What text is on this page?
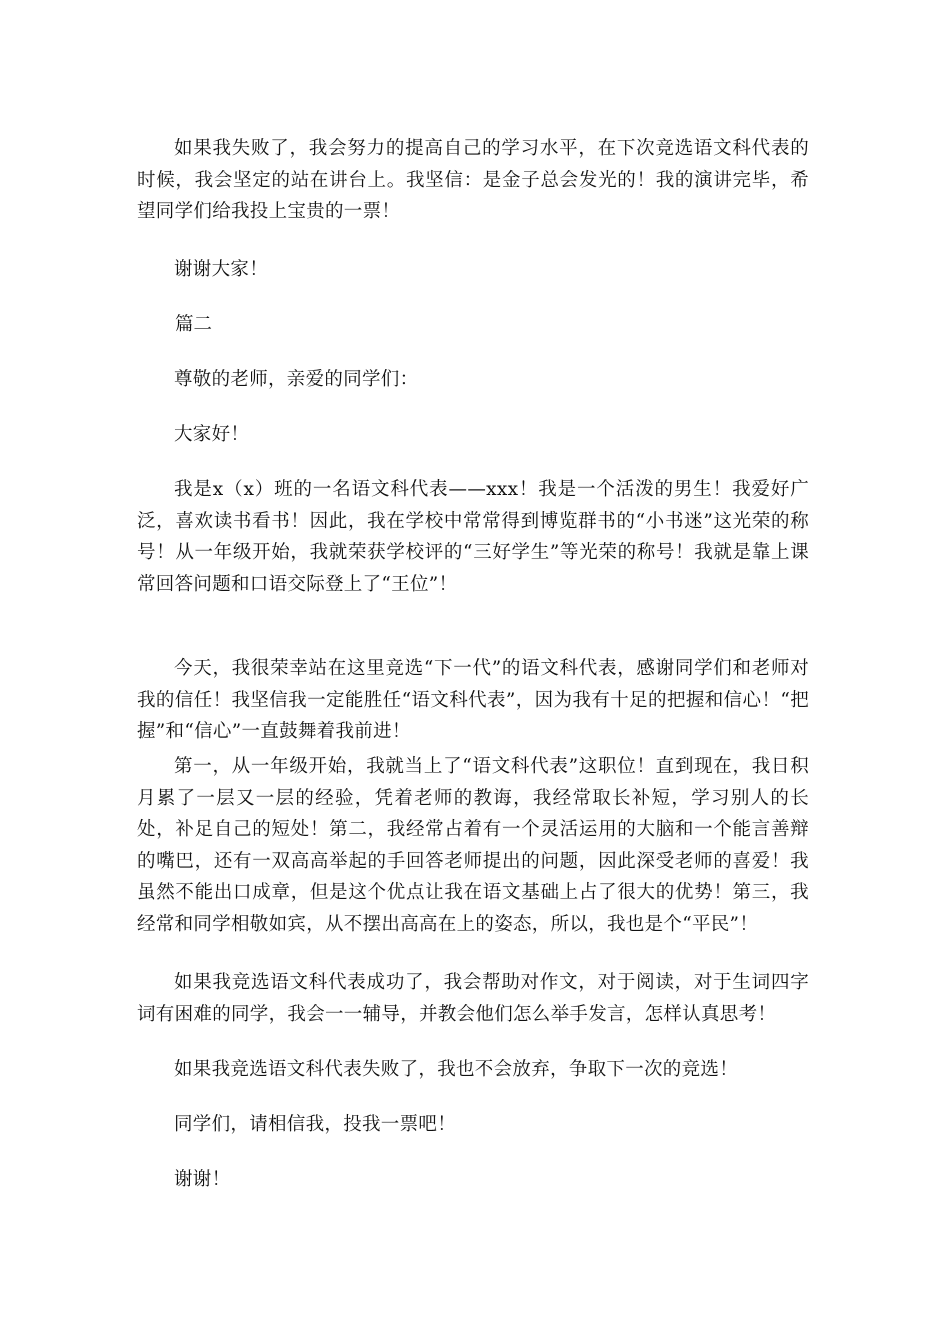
如果我失败了，我会努力的提高自己的学习水平，在下次竞选语文科代表的时候，我会坚定的站在讲台上。我坚信：是金子总会发光的！我的演讲完毕，希望同学们给我投上宝贵的一票！

谢谢大家！

篇二

尊敬的老师，亲爱的同学们：

大家好！

我是x（x）班的一名语文科代表——xxx！我是一个活泼的男生！我爱好广泛，喜欢读书看书！因此，我在学校中常常得到博览群书的“小书迷”这光荣的称号！从一年级开始，我就荣获学校评的“三好学生”等光荣的称号！我就是靠上课常回答问题和口语交际登上了“王位”！

今天，我很荣幸站在这里竞选“下一代”的语文科代表，感谢同学们和老师对我的信任！我坚信我一定能胜任“语文科代表”，因为我有十足的把握和信心！“把握”和“信心”一直鼓舞着我前进！

第一，从一年级开始，我就当上了“语文科代表”这职位！直到现在，我日积月累了一层又一层的经验，凭着老师的教诲，我经常取长补短，学习别人的长处，补足自己的短处！第二，我经常占着有一个灵活运用的大脑和一个能言善辩的嘴巴，还有一双高高举起的手回答老师提出的问题，因此深受老师的喜爱！我虽然不能出口成章，但是这个优点让我在语文基础上占了很大的优势！第三，我经常和同学相敬如宾，从不摆出高高在上的姿态，所以，我也是个“平民”！

如果我竞选语文科代表成功了，我会帮助对作文，对于阅读，对于生词四字词有困难的同学，我会一一辅导，并教会他们怎么举手发言，怎样认真思考！

如果我竞选语文科代表失败了，我也不会放弃，争取下一次的竞选！

同学们，请相信我，投我一票吧！

谢谢！
